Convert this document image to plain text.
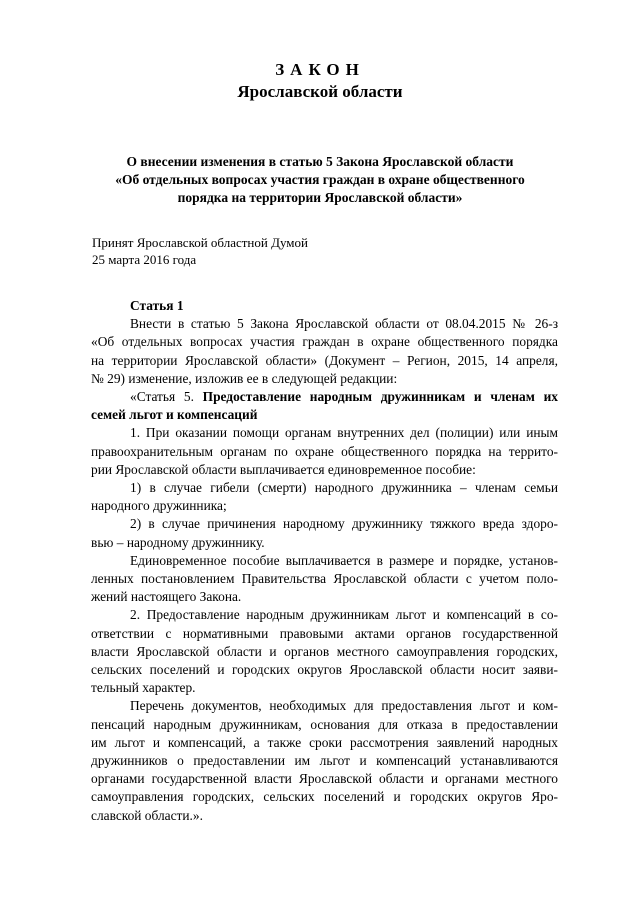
ЗАКОН
Ярославской области
О внесении изменения в статью 5 Закона Ярославской области
«Об отдельных вопросах участия граждан в охране общественного
порядка на территории Ярославской области»
Принят Ярославской областной Думой
25 марта 2016 года
Статья 1
Внести в статью 5 Закона Ярославской области от 08.04.2015 № 26-з
«Об отдельных вопросах участия граждан в охране общественного порядка
на территории Ярославской области» (Документ – Регион, 2015, 14 апреля,
№ 29) изменение, изложив ее в следующей редакции:
«Статья 5. Предоставление народным дружинникам и членам их
семей льгот и компенсаций
1. При оказании помощи органам внутренних дел (полиции) или иным
правоохранительным органам по охране общественного порядка на террито-
рии Ярославской области выплачивается единовременное пособие:
1) в случае гибели (смерти) народного дружинника – членам семьи
народного дружинника;
2) в случае причинения народному дружиннику тяжкого вреда здоро-
вью – народному дружиннику.
Единовременное пособие выплачивается в размере и порядке, установ-
ленных постановлением Правительства Ярославской области с учетом поло-
жений настоящего Закона.
2. Предоставление народным дружинникам льгот и компенсаций в со-
ответствии с нормативными правовыми актами органов государственной
власти Ярославской области и органов местного самоуправления городских,
сельских поселений и городских округов Ярославской области носит заяви-
тельный характер.
Перечень документов, необходимых для предоставления льгот и ком-
пенсаций народным дружинникам, основания для отказа в предоставлении
им льгот и компенсаций, а также сроки рассмотрения заявлений народных
дружинников о предоставлении им льгот и компенсаций устанавливаются
органами государственной власти Ярославской области и органами местного
самоуправления городских, сельских поселений и городских округов Яро-
славской области.».
